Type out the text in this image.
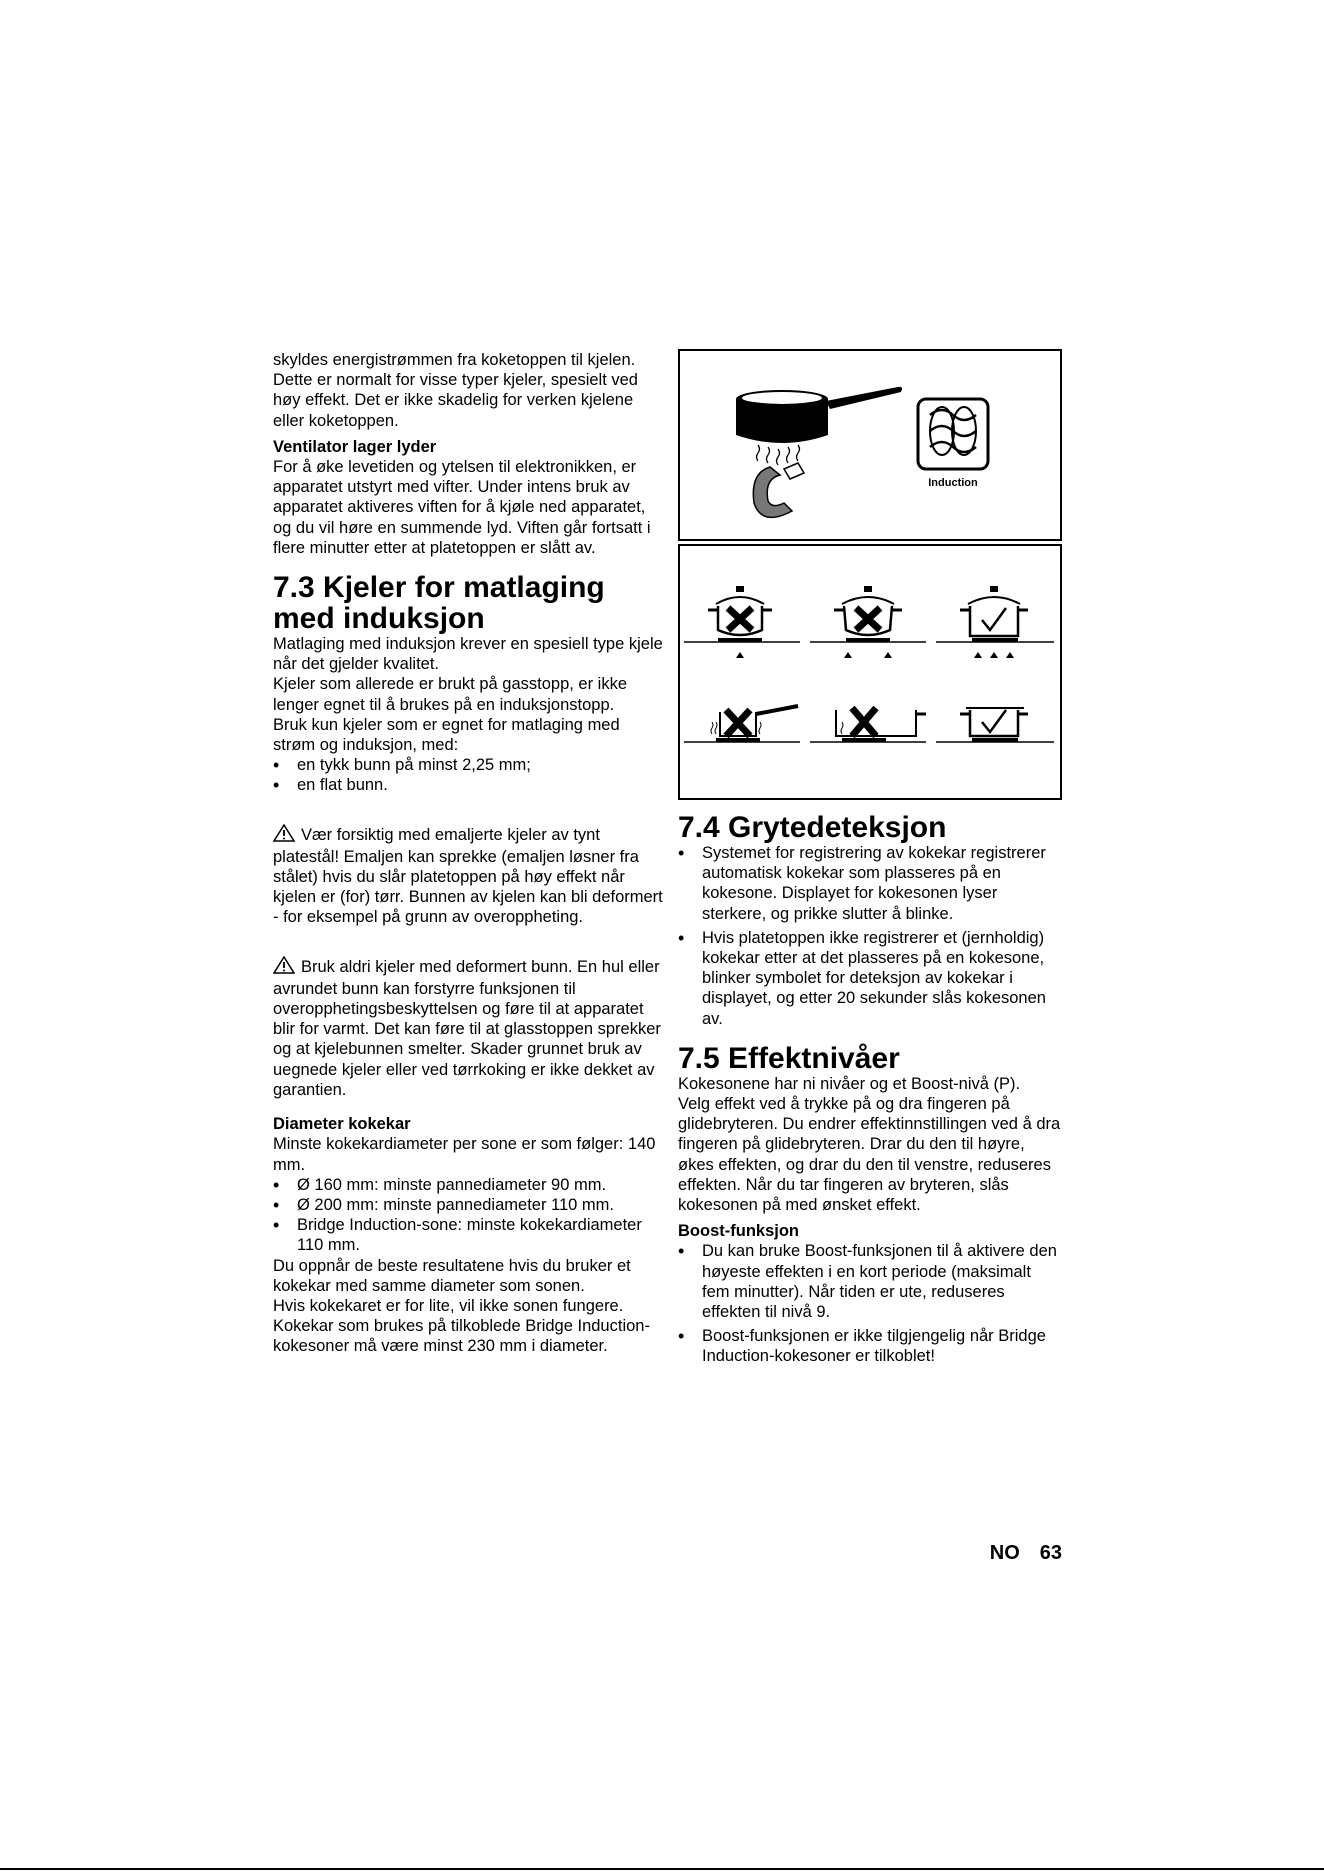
skyldes energistrømmen fra koketoppen til kjelen. Dette er normalt for visse typer kjeler, spesielt ved høy effekt. Det er ikke skadelig for verken kjelene eller koketoppen.

Ventilator lager lyder

For å øke levetiden og ytelsen til elektronikken, er apparatet utstyrt med vifter. Under intens bruk av apparatet aktiveres viften for å kjøle ned apparatet, og du vil høre en summende lyd. Viften går fortsatt i flere minutter etter at platetoppen er slått av.

7.3 Kjeler for matlaging med induksjon

Matlaging med induksjon krever en spesiell type kjele når det gjelder kvalitet.

Kjeler som allerede er brukt på gasstopp, er ikke lenger egnet til å brukes på en induksjonstopp.

Bruk kun kjeler som er egnet for matlaging med strøm og induksjon, med:

• en tykk bunn på minst 2,25 mm;
• en flat bunn.

Vær forsiktig med emaljerte kjeler av tynt platestål! Emaljen kan sprekke (emaljen løsner fra stålet) hvis du slår platetoppen på høy effekt når kjelen er (for) tørr. Bunnen av kjelen kan bli deformert - for eksempel på grunn av overoppheting.

Bruk aldri kjeler med deformert bunn. En hul eller avrundet bunn kan forstyrre funksjonen til overopphetingsbeskyttelsen og føre til at apparatet blir for varmt. Det kan føre til at glasstoppen sprekker og at kjelebunnen smelter. Skader grunnet bruk av uegnede kjeler eller ved tørrkoking er ikke dekket av garantien.

Diameter kokekar

Minste kokekardiameter per sone er som følger: 140 mm.

• Ø 160 mm: minste pannediameter 90 mm.
• Ø 200 mm: minste pannediameter 110 mm.
• Bridge Induction-sone: minste kokekardiameter 110 mm.

Du oppnår de beste resultatene hvis du bruker et kokekar med samme diameter som sonen.

Hvis kokekaret er for lite, vil ikke sonen fungere.

Kokekar som brukes på tilkoblede Bridge Induction-kokesoner må være minst 230 mm i diameter.

Induction
7.4 Grytedeteksjon
• Systemet for registrering av kokekar registrerer automatisk kokekar som plasseres på en kokesone. Displayet for kokesonen lyser sterkere, og prikke slutter å blinke.
• Hvis platetoppen ikke registrerer et (jernholdig) kokekar etter at det plasseres på en kokesone, blinker symbolet for deteksjon av kokekar i displayet, og etter 20 sekunder slås kokesonen av.
7.5 Effektnivåer

Kokesonene har ni nivåer og et Boost-nivå (P).

Velg effekt ved å trykke på og dra fingeren på glidebryteren. Du endrer effektinnstillingen ved å dra fingeren på glidebryteren. Drar du den til høyre, økes effekten, og drar du den til venstre, reduseres effekten. Når du tar fingeren av bryteren, slås kokesonen på med ønsket effekt.

Boost-funksjon
• Du kan bruke Boost-funksjonen til å aktivere den høyeste effekten i en kort periode (maksimalt fem minutter). Når tiden er ute, reduseres effekten til nivå 9.
• Boost-funksjonen er ikke tilgjengelig når Bridge Induction-kokesoner er tilkoblet!
NO 63
